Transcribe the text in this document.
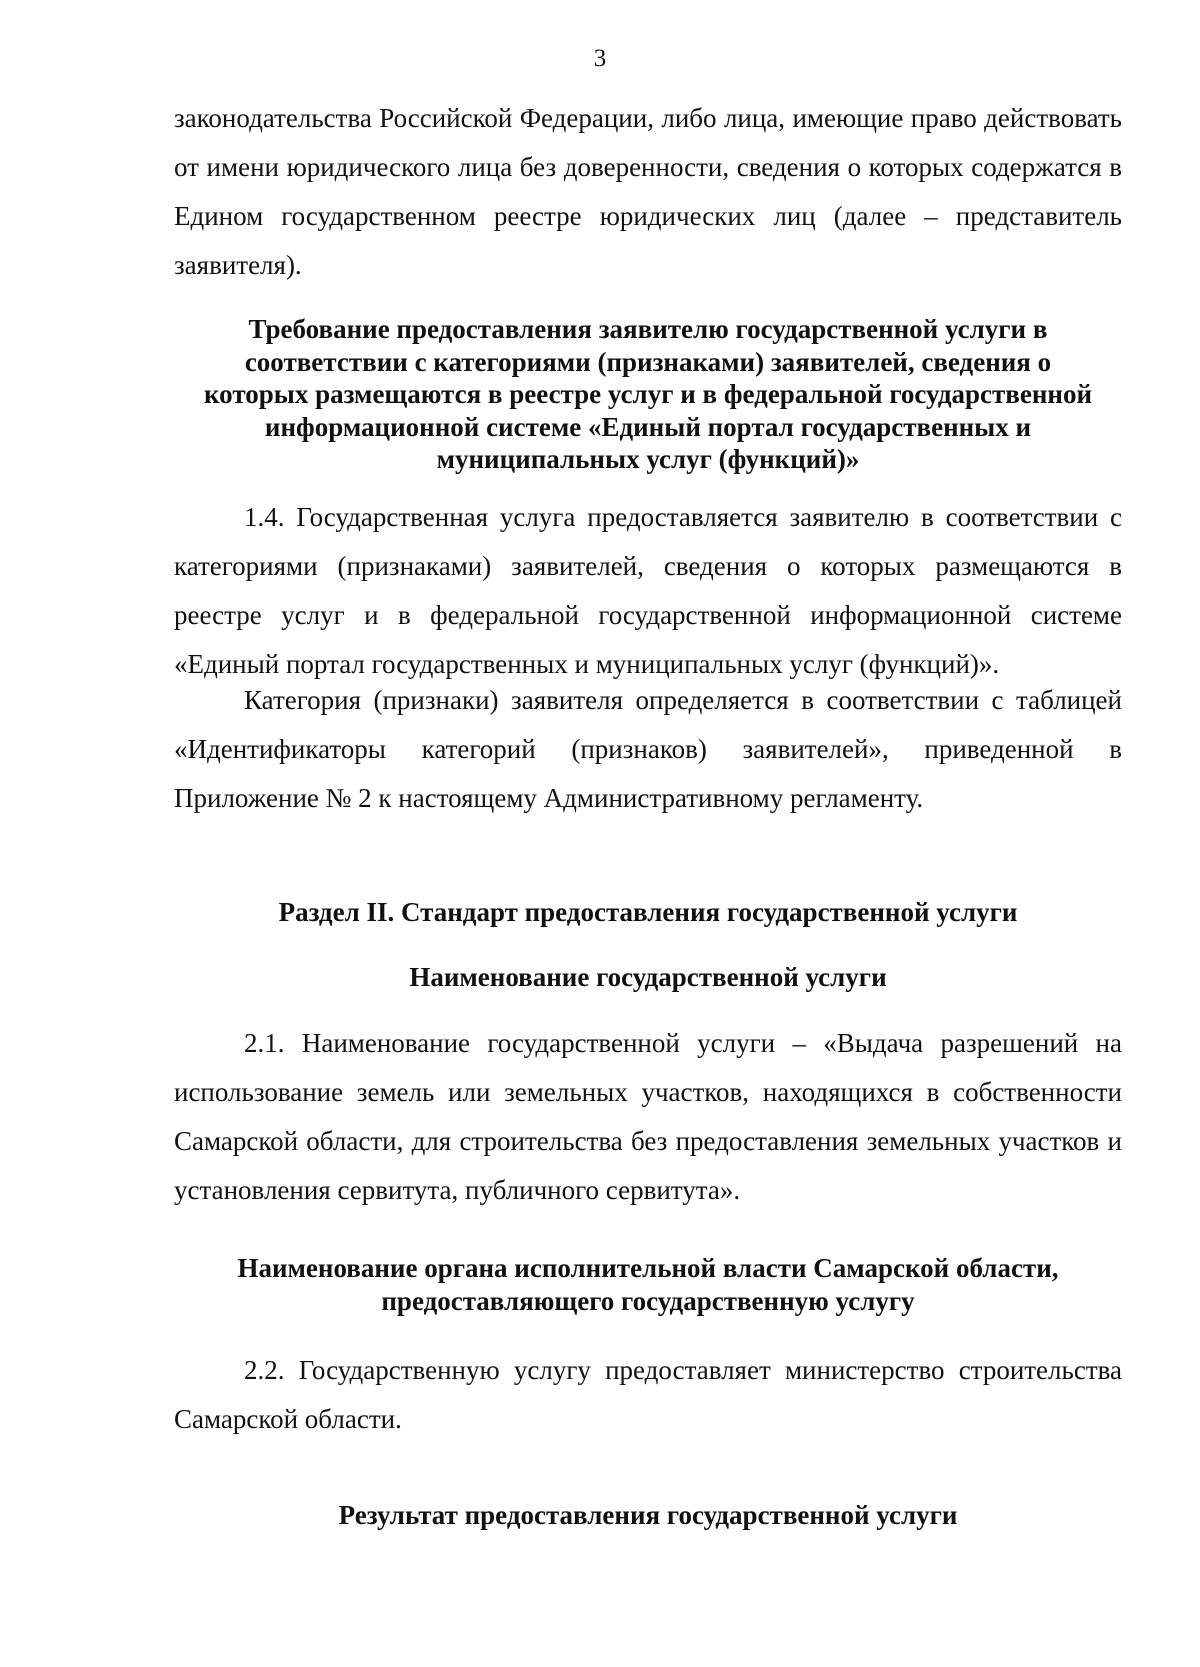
3

законодательства Российской Федерации, либо лица, имеющие право действовать от имени юридического лица без доверенности, сведения о которых содержатся в Едином государственном реестре юридических лиц (далее – представитель заявителя).

Требование предоставления заявителю государственной услуги в
соответствии с категориями (признаками) заявителей, сведения о
которых размещаются в реестре услуг и в федеральной государственной
информационной системе «Единый портал государственных и
муниципальных услуг (функций)»

1.4. Государственная услуга предоставляется заявителю в соответствии с категориями (признаками) заявителей, сведения о которых размещаются в реестре услуг и в федеральной государственной информационной системе «Единый портал государственных и муниципальных услуг (функций)».

Категория (признаки) заявителя определяется в соответствии с таблицей «Идентификаторы категорий (признаков) заявителей», приведенной в Приложение № 2 к настоящему Административному регламенту.

Раздел II. Стандарт предоставления государственной услуги
Наименование государственной услуги

2.1. Наименование государственной услуги – «Выдача разрешений на использование земель или земельных участков, находящихся в собственности Самарской области, для строительства без предоставления земельных участков и установления сервитута, публичного сервитута».

Наименование органа исполнительной власти Самарской области,
предоставляющего государственную услугу

2.2. Государственную услугу предоставляет министерство строительства Самарской области.

Результат предоставления государственной услуги
